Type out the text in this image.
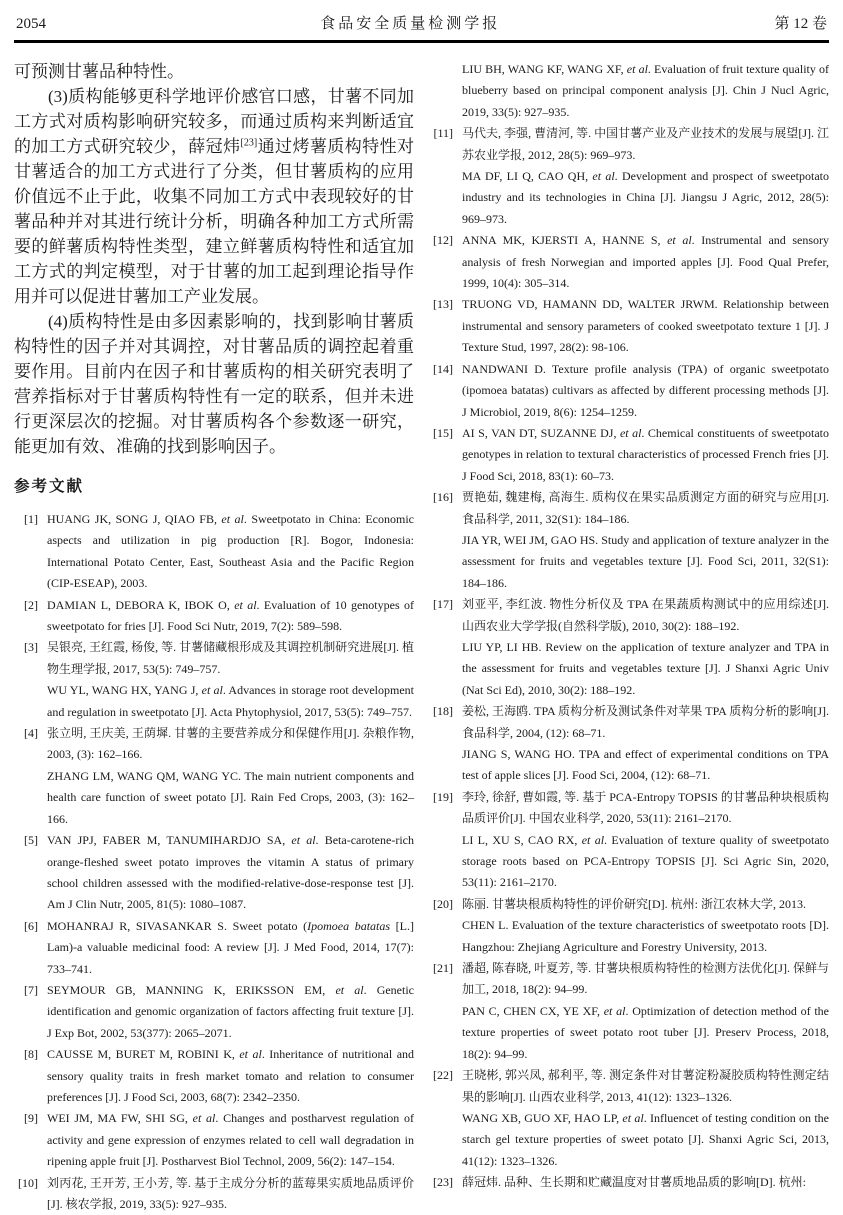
2054	食品安全质量检测学报	第 12 卷
可预测甘薯品种特性。
(3)质构能够更科学地评价感官口感，甘薯不同加工方式对质构影响研究较多，而通过质构来判断适宜的加工方式研究较少，薛冠炜[23]通过烤薯质构特性对甘薯适合的加工方式进行了分类，但甘薯质构的应用价值远不止于此，收集不同加工方式中表现较好的甘薯品种并对其进行统计分析，明确各种加工方式所需要的鲜薯质构特性类型，建立鲜薯质构特性和适宜加工方式的判定模型，对于甘薯的加工起到理论指导作用并可以促进甘薯加工产业发展。
(4)质构特性是由多因素影响的，找到影响甘薯质构特性的因子并对其调控，对甘薯品质的调控起着重要作用。目前内在因子和甘薯质构的相关研究表明了营养指标对于甘薯质构特性有一定的联系，但并未进行更深层次的挖掘。对甘薯质构各个参数逐一研究，能更加有效、准确的找到影响因子。
参考文献
[1] HUANG JK, SONG J, QIAO FB, et al. Sweetpotato in China: Economic aspects and utilization in pig production [R]. Bogor, Indonesia: International Potato Center, East, Southeast Asia and the Pacific Region (CIP-ESEAP), 2003.
[2] DAMIAN L, DEBORA K, IBOK O, et al. Evaluation of 10 genotypes of sweetpotato for fries [J]. Food Sci Nutr, 2019, 7(2): 589–598.
[3] 吴银亮, 王红霞, 杨俊, 等. 甘薯储藏根形成及其调控机制研究进展[J]. 植物生理学报, 2017, 53(5): 749–757.
WU YL, WANG HX, YANG J, et al. Advances in storage root development and regulation in sweetpotato [J]. Acta Phytophysiol, 2017, 53(5): 749–757.
[4] 张立明, 王庆美, 王荫墀. 甘薯的主要营养成分和保健作用[J]. 杂粮作物, 2003, (3): 162–166.
ZHANG LM, WANG QM, WANG YC. The main nutrient components and health care function of sweet potato [J]. Rain Fed Crops, 2003, (3): 162–166.
[5] VAN JPJ, FABER M, TANUMIHARDJO SA, et al. Beta-carotene-rich orange-fleshed sweet potato improves the vitamin A status of primary school children assessed with the modified-relative-dose-response test [J]. Am J Clin Nutr, 2005, 81(5): 1080–1087.
[6] MOHANRAJ R, SIVASANKAR S. Sweet potato (Ipomoea batatas [L.] Lam)-a valuable medicinal food: A review [J]. J Med Food, 2014, 17(7): 733–741.
[7] SEYMOUR GB, MANNING K, ERIKSSON EM, et al. Genetic identification and genomic organization of factors affecting fruit texture [J]. J Exp Bot, 2002, 53(377): 2065–2071.
[8] CAUSSE M, BURET M, ROBINI K, et al. Inheritance of nutritional and sensory quality traits in fresh market tomato and relation to consumer preferences [J]. J Food Sci, 2003, 68(7): 2342–2350.
[9] WEI JM, MA FW, SHI SG, et al. Changes and postharvest regulation of activity and gene expression of enzymes related to cell wall degradation in ripening apple fruit [J]. Postharvest Biol Technol, 2009, 56(2): 147–154.
[10] 刘丙花, 王开芳, 王小芳, 等. 基于主成分分析的蓝莓果实质地品质评价[J]. 核农学报, 2019, 33(5): 927–935.
LIU BH, WANG KF, WANG XF, et al. Evaluation of fruit texture quality of blueberry based on principal component analysis [J]. Chin J Nucl Agric, 2019, 33(5): 927–935.
[11] 马代夫, 李强, 曹清河, 等. 中国甘薯产业及产业技术的发展与展望[J]. 江苏农业学报, 2012, 28(5): 969–973.
MA DF, LI Q, CAO QH, et al. Development and prospect of sweetpotato industry and its technologies in China [J]. Jiangsu J Agric, 2012, 28(5): 969–973.
[12] ANNA MK, KJERSTI A, HANNE S, et al. Instrumental and sensory analysis of fresh Norwegian and imported apples [J]. Food Qual Prefer, 1999, 10(4): 305–314.
[13] TRUONG VD, HAMANN DD, WALTER JRWM. Relationship between instrumental and sensory parameters of cooked sweetpotato texture 1 [J]. J Texture Stud, 1997, 28(2): 98-106.
[14] NANDWANI D. Texture profile analysis (TPA) of organic sweetpotato (ipomoea batatas) cultivars as affected by different processing methods [J]. J Microbiol, 2019, 8(6): 1254–1259.
[15] AI S, VAN DT, SUZANNE DJ, et al. Chemical constituents of sweetpotato genotypes in relation to textural characteristics of processed French fries [J]. J Food Sci, 2018, 83(1): 60–73.
[16] 贾艳茹, 魏建梅, 高海生. 质构仪在果实品质测定方面的研究与应用[J]. 食品科学, 2011, 32(S1): 184–186.
JIA YR, WEI JM, GAO HS. Study and application of texture analyzer in the assessment for fruits and vegetables texture [J]. Food Sci, 2011, 32(S1): 184–186.
[17] 刘亚平, 李红波. 物性分析仪及 TPA 在果蔬质构测试中的应用综述[J]. 山西农业大学学报(自然科学版), 2010, 30(2): 188–192.
LIU YP, LI HB. Review on the application of texture analyzer and TPA in the assessment for fruits and vegetables texture [J]. J Shanxi Agric Univ (Nat Sci Ed), 2010, 30(2): 188–192.
[18] 姜松, 王海鸥. TPA 质构分析及测试条件对苹果 TPA 质构分析的影响[J]. 食品科学, 2004, (12): 68–71.
JIANG S, WANG HO. TPA and effect of experimental conditions on TPA test of apple slices [J]. Food Sci, 2004, (12): 68–71.
[19] 李玲, 徐舒, 曹如霞, 等. 基于 PCA-Entropy TOPSIS 的甘薯品种块根质构品质评价[J]. 中国农业科学, 2020, 53(11): 2161–2170.
LI L, XU S, CAO RX, et al. Evaluation of texture quality of sweetpotato storage roots based on PCA-Entropy TOPSIS [J]. Sci Agric Sin, 2020, 53(11): 2161–2170.
[20] 陈丽. 甘薯块根质构特性的评价研究[D]. 杭州: 浙江农林大学, 2013.
CHEN L. Evaluation of the texture characteristics of sweetpotato roots [D]. Hangzhou: Zhejiang Agriculture and Forestry University, 2013.
[21] 潘超, 陈春晓, 叶夏芳, 等. 甘薯块根质构特性的检测方法优化[J]. 保鲜与加工, 2018, 18(2): 94–99.
PAN C, CHEN CX, YE XF, et al. Optimization of detection method of the texture properties of sweet potato root tuber [J]. Preserv Process, 2018, 18(2): 94–99.
[22] 王晓彬, 郭兴凤, 郝利平, 等. 测定条件对甘薯淀粉凝胶质构特性测定结果的影响[J]. 山西农业科学, 2013, 41(12): 1323–1326.
WANG XB, GUO XF, HAO LP, et al. Influencet of testing condition on the starch gel texture properties of sweet potato [J]. Shanxi Agric Sci, 2013, 41(12): 1323–1326.
[23] 薛冠炜. 品种、生长期和贮藏温度对甘薯质地品质的影响[D]. 杭州:
